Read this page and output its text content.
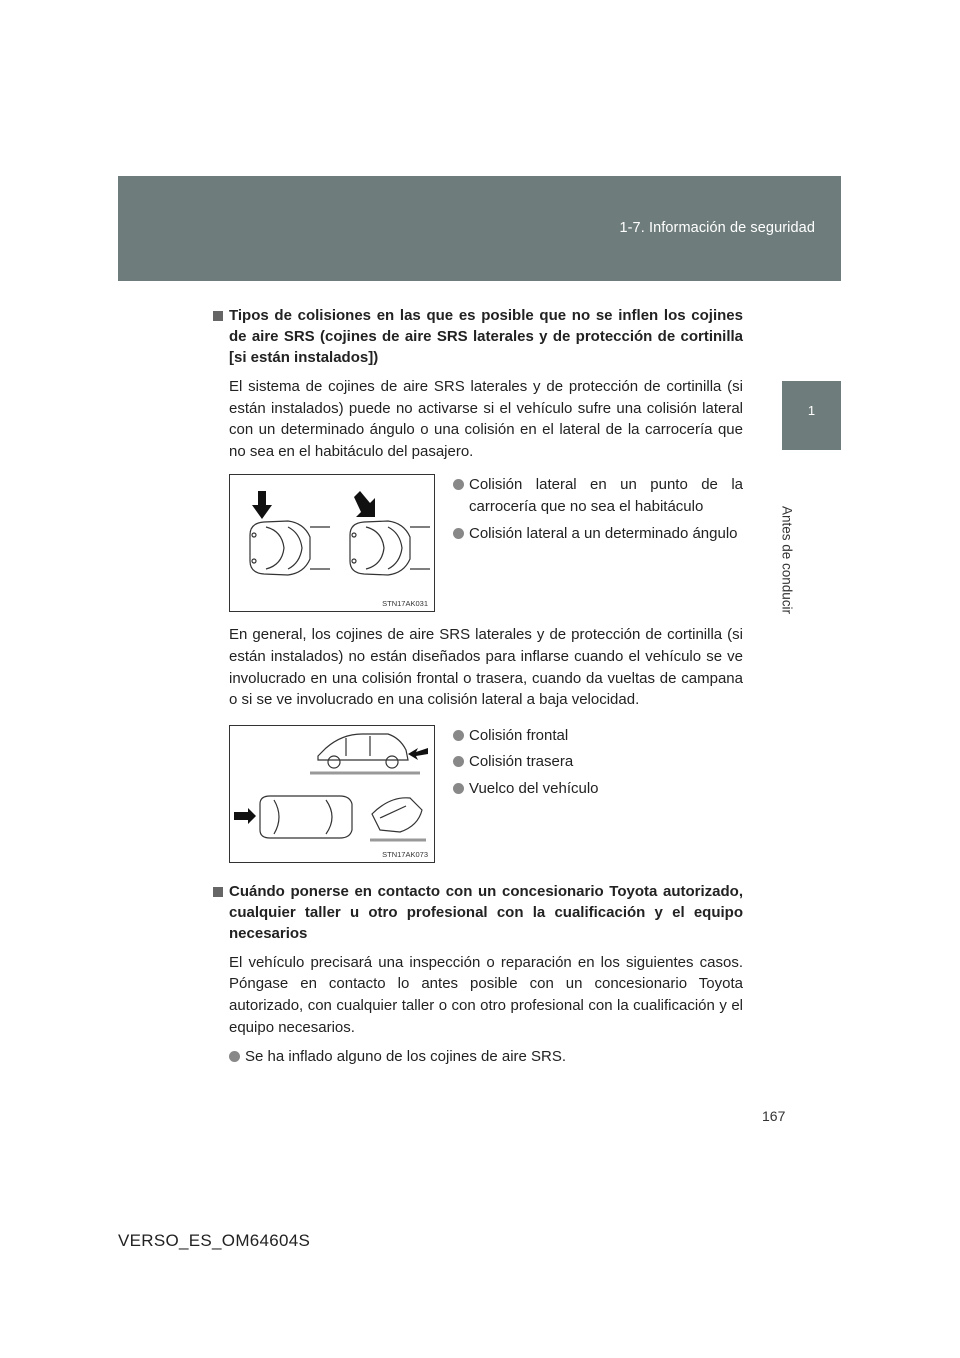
1-7. Información de seguridad
1
Antes de conducir

Tipos de colisiones en las que es posible que no se inflen los cojines de aire SRS (cojines de aire SRS laterales y de protección de cortinilla [si están instalados])

El sistema de cojines de aire SRS laterales y de protección de cortinilla (si están instalados) puede no activarse si el vehículo sufre una colisión lateral con un determinado ángulo o una colisión en el lateral de la carrocería que no sea en el habitáculo del pasajero.

STN17AK031
Colisión lateral en un punto de la carrocería que no sea el habitáculo
Colisión lateral a un determinado ángulo

En general, los cojines de aire SRS laterales y de protección de cortinilla (si están instalados) no están diseñados para inflarse cuando el vehículo se ve involucrado en una colisión frontal o trasera, cuando da vueltas de campana o si se ve involucrado en una colisión lateral a baja velocidad.

STN17AK073
Colisión frontal
Colisión trasera
Vuelco del vehículo

Cuándo ponerse en contacto con un concesionario Toyota autorizado, cualquier taller u otro profesional con la cualificación y el equipo necesarios

El vehículo precisará una inspección o reparación en los siguientes casos. Póngase en contacto lo antes posible con un concesionario Toyota autorizado, con cualquier taller o con otro profesional con la cualificación y el equipo necesarios.

Se ha inflado alguno de los cojines de aire SRS.
167
VERSO_ES_OM64604S
